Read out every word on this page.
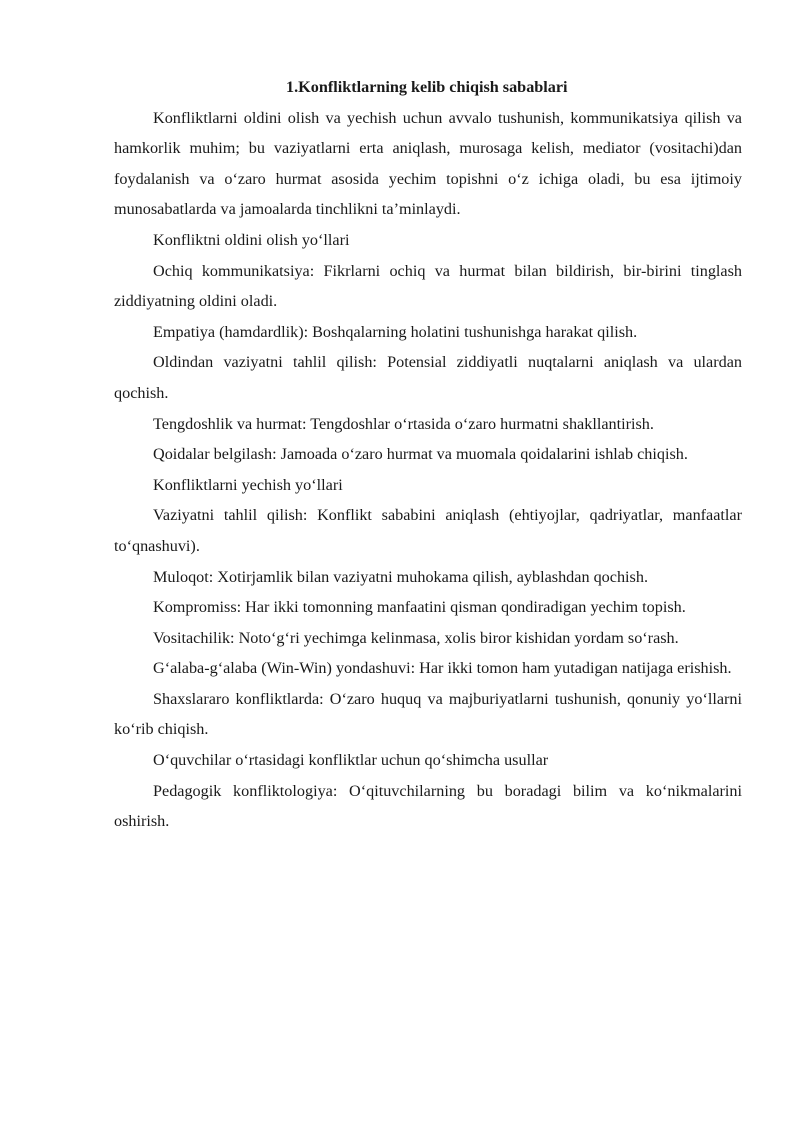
1.Konfliktlarning kelib chiqish sabablari

Konfliktlarni oldini olish va yechish uchun avvalo tushunish, kommunikatsiya qilish va hamkorlik muhim; bu vaziyatlarni erta aniqlash, murosaga kelish, mediator (vositachi)dan foydalanish va o‘zaro hurmat asosida yechim topishni o‘z ichiga oladi, bu esa ijtimoiy munosabatlarda va jamoalarda tinchlikni ta’minlaydi.

Konfliktni oldini olish yo‘llari

Ochiq kommunikatsiya: Fikrlarni ochiq va hurmat bilan bildirish, bir-birini tinglash ziddiyatning oldini oladi.

Empatiya (hamdardlik): Boshqalarning holatini tushunishga harakat qilish.

Oldindan vaziyatni tahlil qilish: Potensial ziddiyatli nuqtalarni aniqlash va ulardan qochish.

Tengdoshlik va hurmat: Tengdoshlar o‘rtasida o‘zaro hurmatni shakllantirish.

Qoidalar belgilash: Jamoada o‘zaro hurmat va muomala qoidalarini ishlab chiqish.

Konfliktlarni yechish yo‘llari

Vaziyatni tahlil qilish: Konflikt sababini aniqlash (ehtiyojlar, qadriyatlar, manfaatlar to‘qnashuvi).

Muloqot: Xotirjamlik bilan vaziyatni muhokama qilish, ayblashdan qochish.

Kompromiss: Har ikki tomonning manfaatini qisman qondiradigan yechim topish.

Vositachilik: Noto‘g‘ri yechimga kelinmasa, xolis biror kishidan yordam so‘rash.

G‘alaba-g‘alaba (Win-Win) yondashuvi: Har ikki tomon ham yutadigan natijaga erishish.

Shaxslararo konfliktlarda: O‘zaro huquq va majburiyatlarni tushunish, qonuniy yo‘llarni ko‘rib chiqish.

O‘quvchilar o‘rtasidagi konfliktlar uchun qo‘shimcha usullar

Pedagogik konfliktologiya: O‘qituvchilarning bu boradagi bilim va ko‘nikmalarini oshirish.
